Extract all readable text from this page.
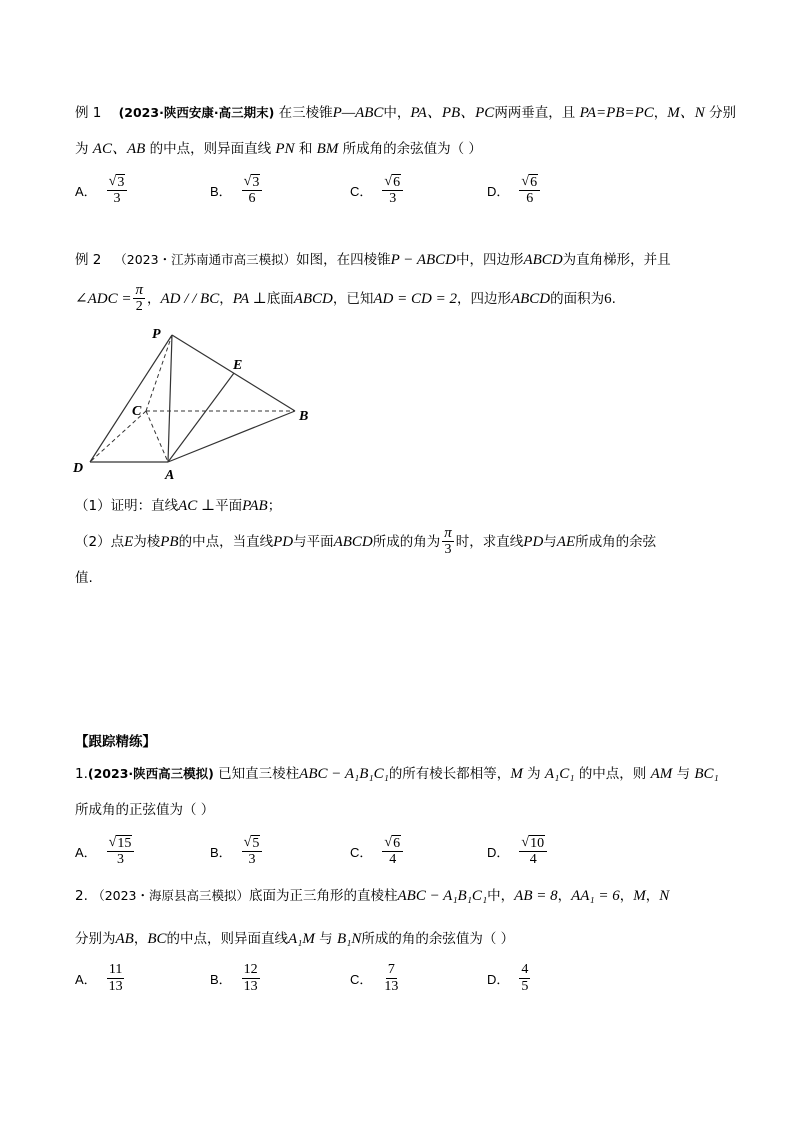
例 1 (2023·陕西安康·高三期末) 在三棱锥P—ABC中，PA、PB、PC两两垂直，且 PA=PB=PC，M、N 分别
为 AC、AB 的中点，则异面直线 PN 和 BM 所成角的余弦值为（ ）
A． $\frac{√ 3}{3}$	B． $\frac{√ 3}{6}$	C． $\frac{√ 6}{3}$	D． $\frac{√ 6}{6}$
例 2 （2023・江苏南通市高三模拟）如图，在四棱锥P − ABCD中，四边形ABCD为直角梯形，并且
∠ADC = $\frac{\pi}{2}$ ， AD / / BC ， PA ⊥ 底面 ABCD ，已知 AD = CD = 2 ，四边形 ABCD 的面积为 6 .
P
E
C	B
D	A
（1）证明：直线AC ⊥平面PAB；
（2）点 E 为棱 PB 的中点，当直线 PD 与平面 ABCD 所成的角为 $\frac{\pi}{3}$ 时，求直线 PD 与 AE 所成角的余弦
值.
【跟踪精练】
1.(2023·陕西高三模拟) 已知直三棱柱ABC − A₁B₁C₁的所有棱长都相等，M 为 A₁C₁ 的中点，则 AM 与 BC₁
所成角的正弦值为（ ）
A． $\frac{√ 15}{3}$	B． $\frac{√ 5}{3}$	C． $\frac{√ 6}{4}$	D． $\frac{√ 10}{4}$
2. （2023・海原县高三模拟）底面为正三角形的直棱柱ABC − A₁B₁C₁中，AB = 8，AA₁ = 6，M，N
分别为AB，BC的中点，则异面直线A₁M 与 B₁N所成的角的余弦值为（ ）
A． $\frac{11}{13}$	B． $\frac{12}{13}$	C． $\frac{7}{13}$	D． $\frac{4}{5}$
